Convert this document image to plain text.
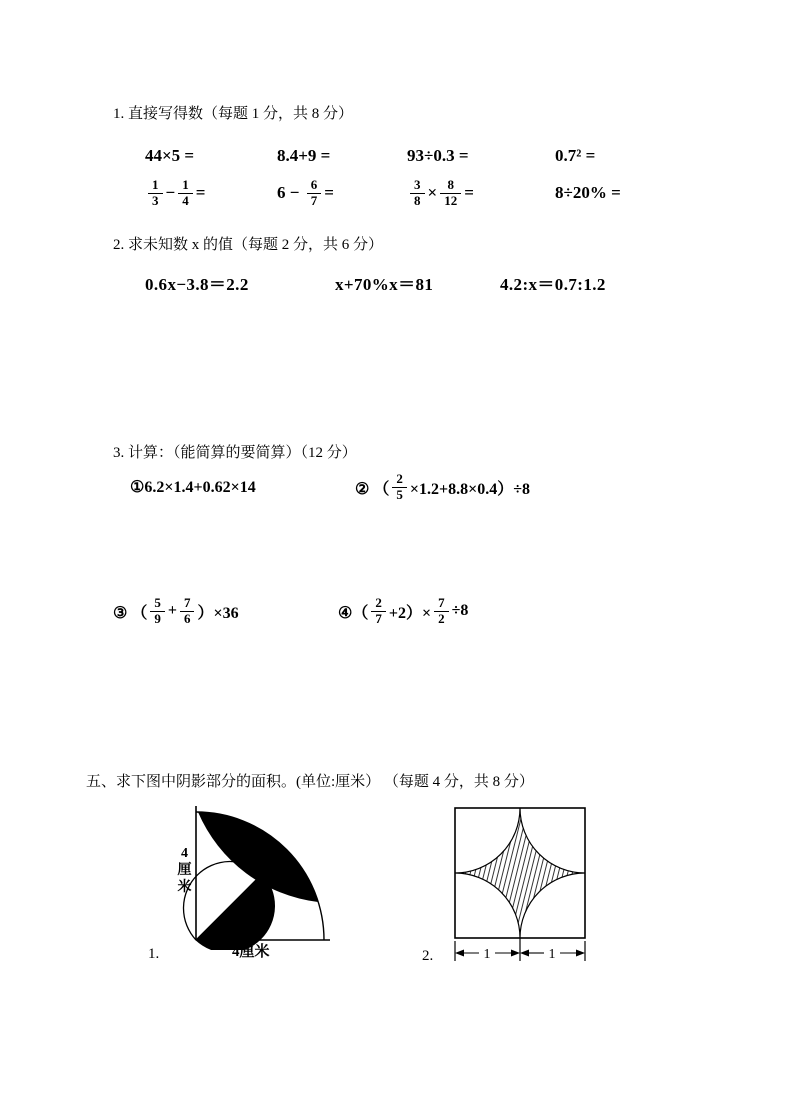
1. 直接写得数（每题 1 分，共 8 分）
44×5 =	8.4+9 =	93÷0.3 =	0.7² =
$\frac{1}{3} - \frac{1}{4}$ =	$6 - \frac{6}{7}$ =	$\frac{3}{8} \times \frac{8}{12}$ =	8÷20% =
2. 求未知数 x 的值（每题 2 分，共 6 分）
0.6x−3.8＝2.2	x+70%x＝81	4.2:x＝0.7:1.2
3. 计算：（能简算的要简算）（12 分）
①6.2×1.4+0.62×14	② （ $\frac{2}{5} \times 1.2+8.8\times 0.4)\div 8$
③ （ $\frac{5}{9} + \frac{7}{6} )\times 36$	④（ $\frac{2}{7} +2)\times \frac{7}{2} \div 8$
五、求下图中阴影部分的面积。(单位:厘米） （每题 4 分，共 8 分）
4厘米
4厘米
1.	1	1
2.
